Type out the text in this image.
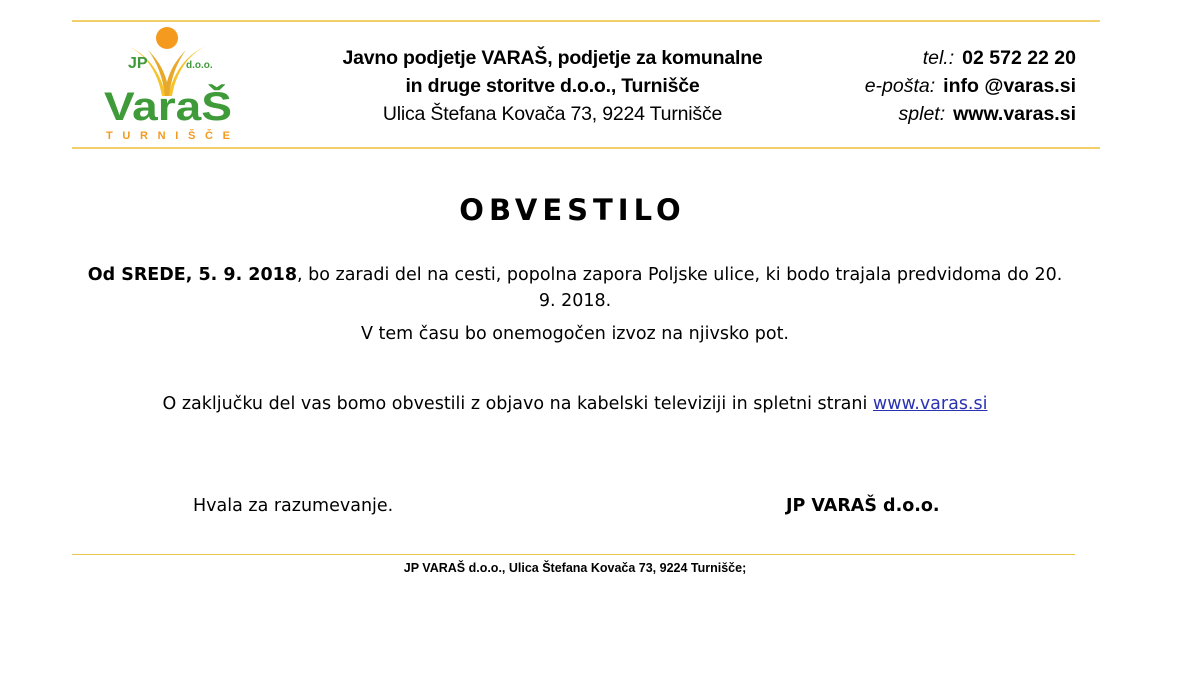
JP	d.o.o.
VaraŠ
TURNIŠČE
Javno podjetje VARAŠ, podjetje za komunalne
in druge storitve d.o.o., Turnišče
Ulica Štefana Kovača 73, 9224 Turnišče
tel.: 02 572 22 20
e-pošta: info @varas.si
splet: www.varas.si
OBVESTILO
Od SREDE, 5. 9. 2018, bo zaradi del na cesti, popolna zapora Poljske ulice, ki bodo trajala predvidoma do 20. 9. 2018.
V tem času bo onemogočen izvoz na njivsko pot.
O zaključku del vas bomo obvestili z objavo na kabelski televiziji in spletni strani www.varas.si
Hvala za razumevanje.	JP VARAŠ d.o.o.
JP VARAŠ d.o.o., Ulica Štefana Kovača 73, 9224 Turnišče;
